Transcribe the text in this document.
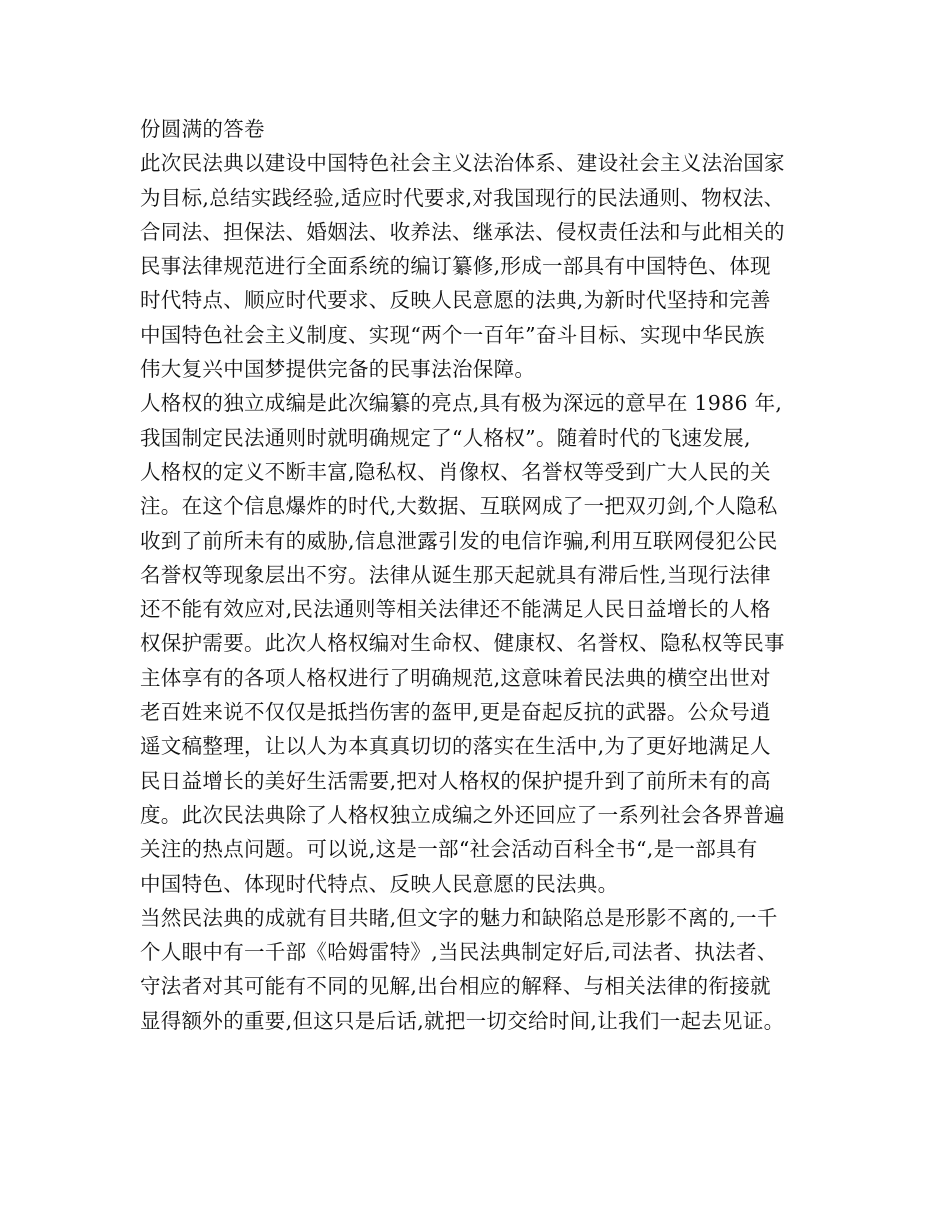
份圆满的答卷

此次民法典以建设中国特色社会主义法治体系、建设社会主义法治国家
为目标,总结实践经验,适应时代要求,对我国现行的民法通则、物权法、
合同法、担保法、婚姻法、收养法、继承法、侵权责任法和与此相关的
民事法律规范进行全面系统的编订纂修,形成一部具有中国特色、体现
时代特点、顺应时代要求、反映人民意愿的法典,为新时代坚持和完善
中国特色社会主义制度、实现“两个一百年”奋斗目标、实现中华民族
伟大复兴中国梦提供完备的民事法治保障。

人格权的独立成编是此次编纂的亮点,具有极为深远的意早在 1986 年,
我国制定民法通则时就明确规定了“人格权”。随着时代的飞速发展,
人格权的定义不断丰富,隐私权、肖像权、名誉权等受到广大人民的关
注。在这个信息爆炸的时代,大数据、互联网成了一把双刃剑,个人隐私
收到了前所未有的威胁,信息泄露引发的电信诈骗,利用互联网侵犯公民
名誉权等现象层出不穷。法律从诞生那天起就具有滞后性,当现行法律
还不能有效应对,民法通则等相关法律还不能满足人民日益增长的人格
权保护需要。此次人格权编对生命权、健康权、名誉权、隐私权等民事
主体享有的各项人格权进行了明确规范,这意味着民法典的横空出世对
老百姓来说不仅仅是抵挡伤害的盔甲,更是奋起反抗的武器。公众号逍
遥文稿整理，让以人为本真真切切的落实在生活中,为了更好地满足人
民日益增长的美好生活需要,把对人格权的保护提升到了前所未有的高
度。此次民法典除了人格权独立成编之外还回应了一系列社会各界普遍
关注的热点问题。可以说,这是一部“社会活动百科全书“,是一部具有
中国特色、体现时代特点、反映人民意愿的民法典。

当然民法典的成就有目共睹,但文字的魅力和缺陷总是形影不离的,一千
个人眼中有一千部《哈姆雷特》,当民法典制定好后,司法者、执法者、
守法者对其可能有不同的见解,出台相应的解释、与相关法律的衔接就
显得额外的重要,但这只是后话,就把一切交给时间,让我们一起去见证。
